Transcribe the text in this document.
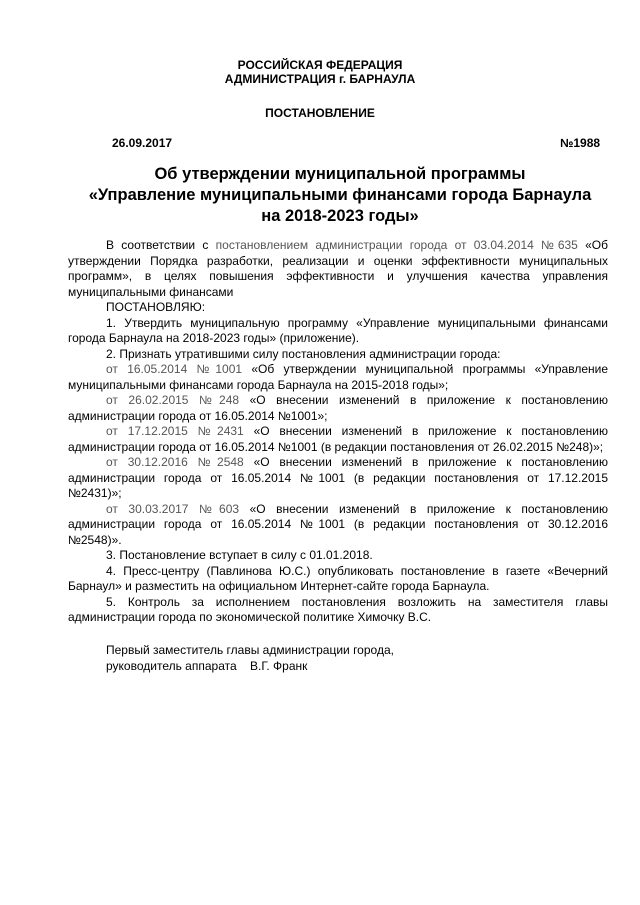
РОССИЙСКАЯ ФЕДЕРАЦИЯ
АДМИНИСТРАЦИЯ г. БАРНАУЛА
ПОСТАНОВЛЕНИЕ
26.09.2017	№1988
Об утверждении муниципальной программы
«Управление муниципальными финансами города Барнаула
на 2018-2023 годы»

В соответствии с постановлением администрации города от 03.04.2014 №635 «Об утверждении Порядка разработки, реализации и оценки эффективности муниципальных программ», в целях повышения эффективности и улучшения качества управления муниципальными финансами

ПОСТАНОВЛЯЮ:

1. Утвердить муниципальную программу «Управление муниципальными финансами города Барнаула на 2018-2023 годы» (приложение).

2. Признать утратившими силу постановления администрации города:

от 16.05.2014 №1001 «Об утверждении муниципальной программы «Управление муниципальными финансами города Барнаула на 2015-2018 годы»;

от 26.02.2015 №248 «О внесении изменений в приложение к постановлению администрации города от 16.05.2014 №1001»;

от 17.12.2015 №2431 «О внесении изменений в приложение к постановлению администрации города от 16.05.2014 №1001 (в редакции постановления от 26.02.2015 №248)»;

от 30.12.2016 №2548 «О внесении изменений в приложение к постановлению администрации города от 16.05.2014 №1001 (в редакции постановления от 17.12.2015 №2431)»;

от 30.03.2017 №603 «О внесении изменений в приложение к постановлению администрации города от 16.05.2014 №1001 (в редакции постановления от 30.12.2016 №2548)».

3. Постановление вступает в силу с 01.01.2018.

4. Пресс-центру (Павлинова Ю.С.) опубликовать постановление в газете «Вечерний Барнаул» и разместить на официальном Интернет-сайте города Барнаула.

5. Контроль за исполнением постановления возложить на заместителя главы администрации города по экономической политике Химочку В.С.

Первый заместитель главы администрации города,
руководитель аппарата    В.Г. Франк
